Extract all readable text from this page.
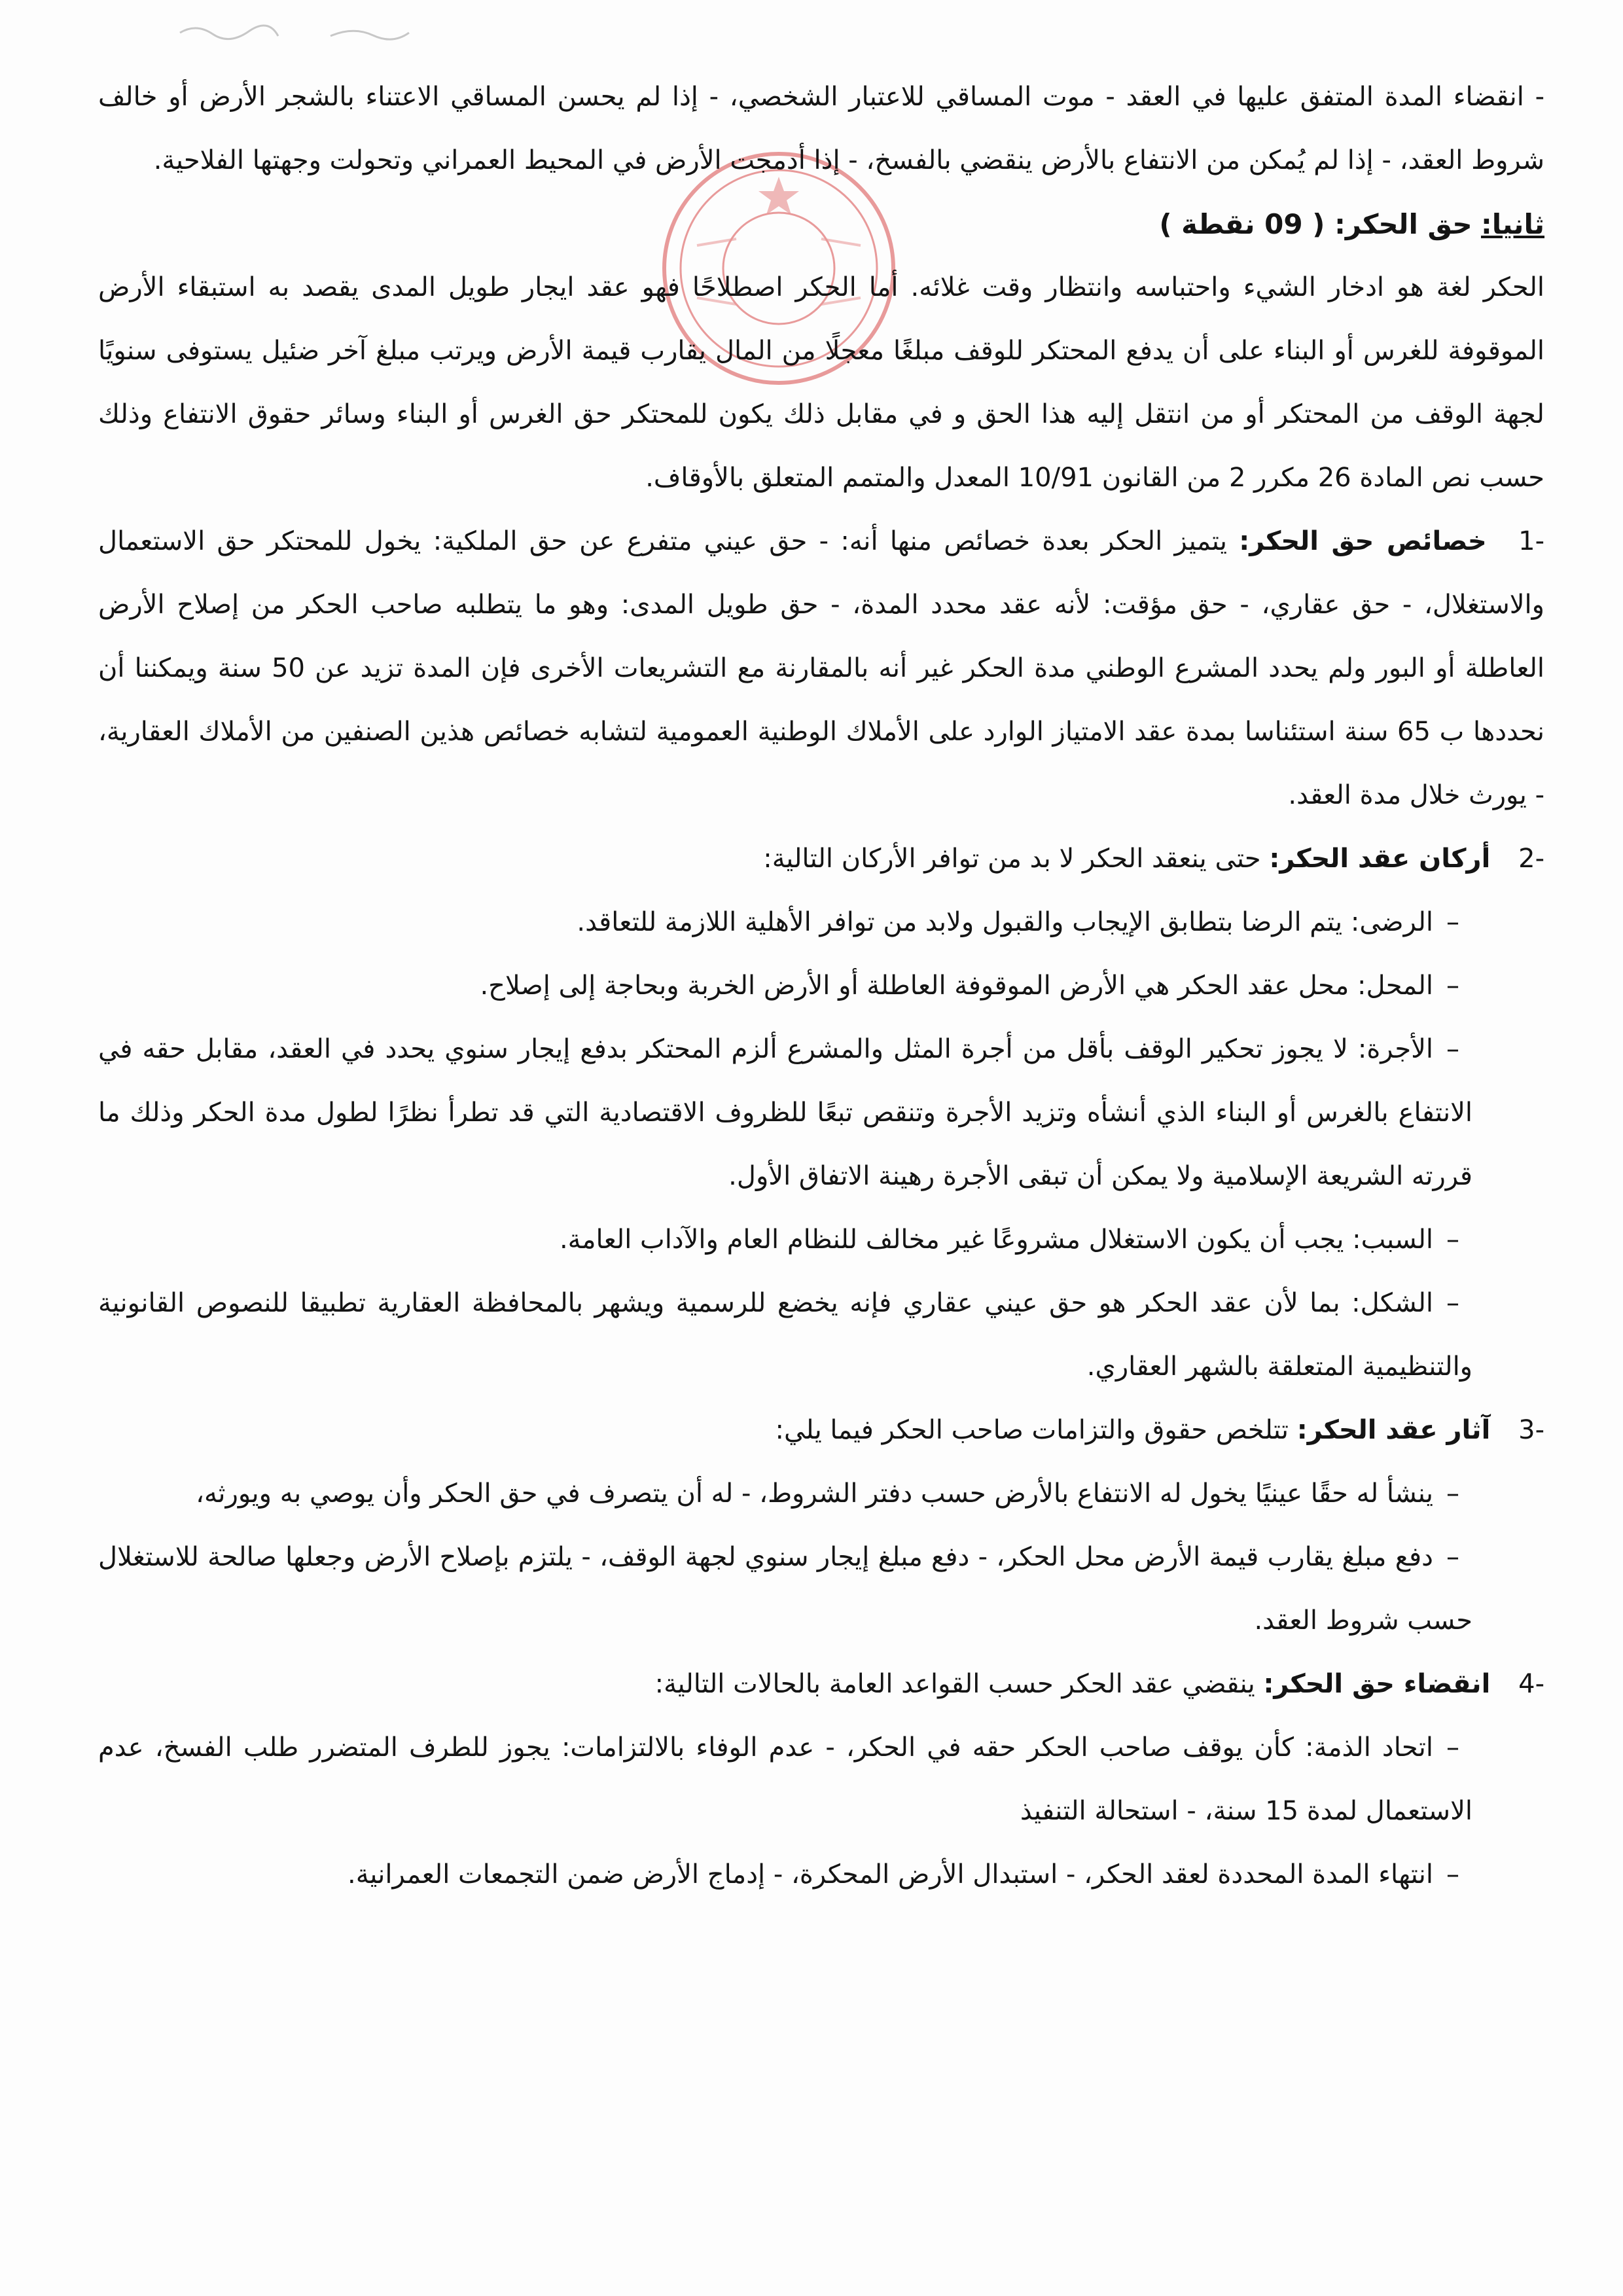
- انقضاء المدة المتفق عليها في العقد - موت المساقي للاعتبار الشخصي، - إذا لم يحسن المساقي الاعتناء بالشجر الأرض أو خالف شروط العقد، - إذا لم يُمكن من الانتفاع بالأرض ينقضي بالفسخ، - إذا أدمجت الأرض في المحيط العمراني وتحولت وجهتها الفلاحية.

ثانيا: حق الحكر: ( 09 نقطة )

الحكر لغة هو ادخار الشيء واحتباسه وانتظار وقت غلائه. أما الحكر اصطلاحًا فهو عقد ايجار طويل المدى يقصد به استبقاء الأرض الموقوفة للغرس أو البناء على أن يدفع المحتكر للوقف مبلغًا معجلًا من المال يقارب قيمة الأرض ويرتب مبلغ آخر ضئيل يستوفى سنويًا لجهة الوقف من المحتكر أو من انتقل إليه هذا الحق و في مقابل ذلك يكون للمحتكر حق الغرس أو البناء وسائر حقوق الانتفاع وذلك حسب نص المادة 26 مكرر 2 من القانون 10/91 المعدل والمتمم المتعلق بالأوقاف.

-1 خصائص حق الحكر: يتميز الحكر بعدة خصائص منها أنه: - حق عيني متفرع عن حق الملكية: يخول للمحتكر حق الاستعمال والاستغلال، - حق عقاري، - حق مؤقت: لأنه عقد محدد المدة، - حق طويل المدى: وهو ما يتطلبه صاحب الحكر من إصلاح الأرض العاطلة أو البور ولم يحدد المشرع الوطني مدة الحكر غير أنه بالمقارنة مع التشريعات الأخرى فإن المدة تزيد عن 50 سنة ويمكننا أن نحددها ب 65 سنة استئناسا بمدة عقد الامتياز الوارد على الأملاك الوطنية العمومية لتشابه خصائص هذين الصنفين من الأملاك العقارية، - يورث خلال مدة العقد.

-2 أركان عقد الحكر: حتى ينعقد الحكر لا بد من توافر الأركان التالية:

–الرضى: يتم الرضا بتطابق الإيجاب والقبول ولابد من توافر الأهلية اللازمة للتعاقد.

–المحل: محل عقد الحكر هي الأرض الموقوفة العاطلة أو الأرض الخربة وبحاجة إلى إصلاح.

–الأجرة: لا يجوز تحكير الوقف بأقل من أجرة المثل والمشرع ألزم المحتكر بدفع إيجار سنوي يحدد في العقد، مقابل حقه في الانتفاع بالغرس أو البناء الذي أنشأه وتزيد الأجرة وتنقص تبعًا للظروف الاقتصادية التي قد تطرأ نظرًا لطول مدة الحكر وذلك ما قررته الشريعة الإسلامية ولا يمكن أن تبقى الأجرة رهينة الاتفاق الأول.

–السبب: يجب أن يكون الاستغلال مشروعًا غير مخالف للنظام العام والآداب العامة.

–الشكل: بما لأن عقد الحكر هو حق عيني عقاري فإنه يخضع للرسمية ويشهر بالمحافظة العقارية تطبيقا للنصوص القانونية والتنظيمية المتعلقة بالشهر العقاري.

-3 آثار عقد الحكر: تتلخص حقوق والتزامات صاحب الحكر فيما يلي:

–ينشأ له حقًا عينيًا يخول له الانتفاع بالأرض حسب دفتر الشروط، - له أن يتصرف في حق الحكر وأن يوصي به ويورثه،

–دفع مبلغ يقارب قيمة الأرض محل الحكر، - دفع مبلغ إيجار سنوي لجهة الوقف، - يلتزم بإصلاح الأرض وجعلها صالحة للاستغلال حسب شروط العقد.

-4 انقضاء حق الحكر: ينقضي عقد الحكر حسب القواعد العامة بالحالات التالية:

–اتحاد الذمة: كأن يوقف صاحب الحكر حقه في الحكر، - عدم الوفاء بالالتزامات: يجوز للطرف المتضرر طلب الفسخ، عدم الاستعمال لمدة 15 سنة، - استحالة التنفيذ

–انتهاء المدة المحددة لعقد الحكر، - استبدال الأرض المحكرة، - إدماج الأرض ضمن التجمعات العمرانية.
